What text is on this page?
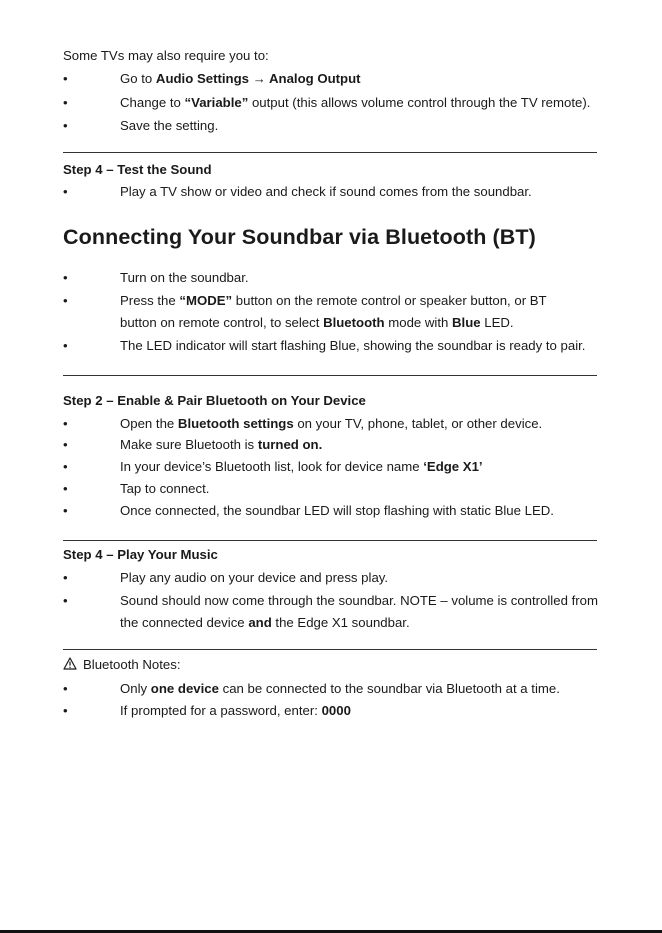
Some TVs may also require you to:
•	Go to Audio Settings → Analog Output
•	Change to “Variable” output (this allows volume control through the TV remote).
•	Save the setting.
Step 4 – Test the Sound
•	Play a TV show or video and check if sound comes from the soundbar.
Connecting Your Soundbar via Bluetooth (BT)
•	Turn on the soundbar.
•	Press the “MODE” button on the remote control or speaker button, or BT
button on remote control, to select Bluetooth mode with Blue LED.
•	The LED indicator will start flashing Blue, showing the soundbar is ready to pair.
Step 2 – Enable & Pair Bluetooth on Your Device
•	Open the Bluetooth settings on your TV, phone, tablet, or other device.
•	Make sure Bluetooth is turned on.
•	In your device’s Bluetooth list, look for device name ‘Edge X1’
•	Tap to connect.
•	Once connected, the soundbar LED will stop flashing with static Blue LED.
Step 4 – Play Your Music
•	Play any audio on your device and press play.
•	Sound should now come through the soundbar. NOTE – volume is controlled from
the connected device and the Edge X1 soundbar.
Bluetooth Notes:
•	Only one device can be connected to the soundbar via Bluetooth at a time.
•	If prompted for a password, enter: 0000
